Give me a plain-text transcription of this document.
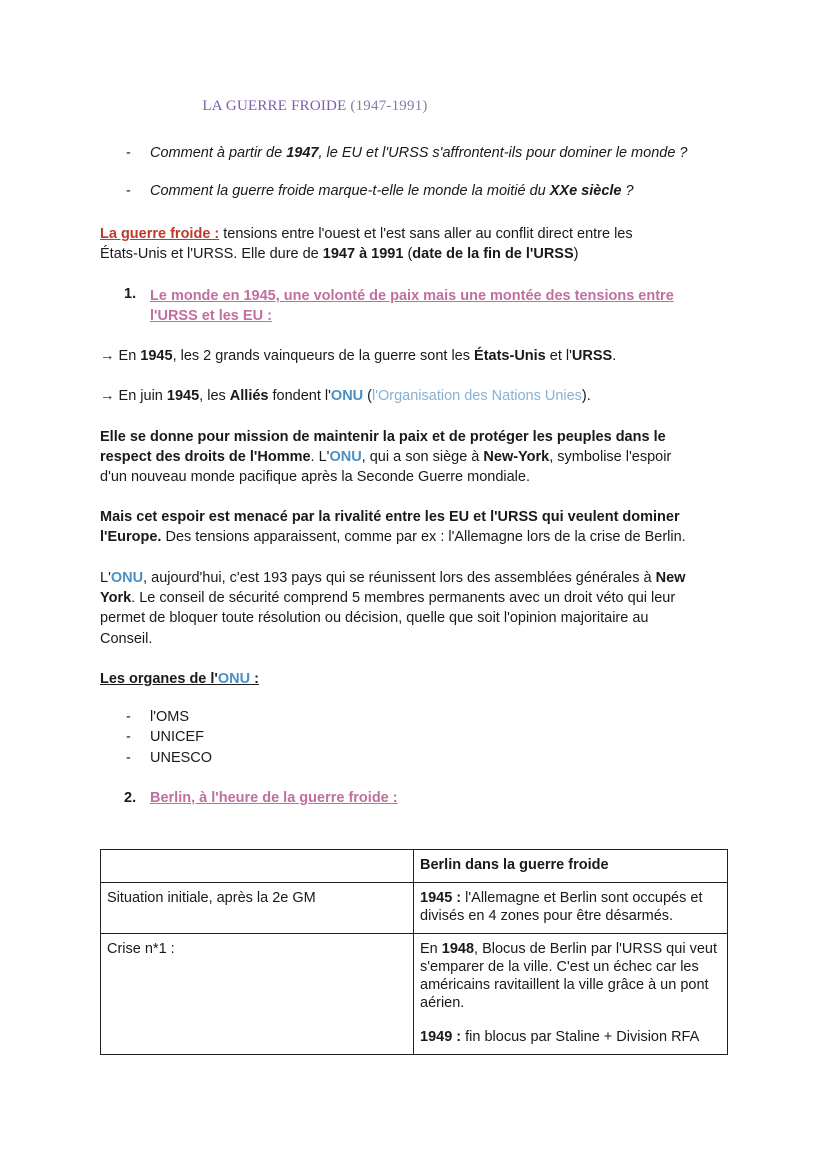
LA GUERRE FROIDE (1947-1991)
- Comment à partir de 1947, le EU et l'URSS s'affrontent-ils pour dominer le monde ?
- Comment la guerre froide marque-t-elle le monde la moitié du XXe siècle ?
La guerre froide : tensions entre l'ouest et l'est sans aller au conflit direct entre les
États-Unis et l'URSS. Elle dure de 1947 à 1991 (date de la fin de l'URSS)
1. Le monde en 1945, une volonté de paix mais une montée des tensions entre
l'URSS et les EU :
→ En 1945, les 2 grands vainqueurs de la guerre sont les États-Unis et l'URSS.
→ En juin 1945, les Alliés fondent l'ONU (l'Organisation des Nations Unies).
Elle se donne pour mission de maintenir la paix et de protéger les peuples dans le
respect des droits de l'Homme. L'ONU, qui a son siège à New-York, symbolise l'espoir
d'un nouveau monde pacifique après la Seconde Guerre mondiale.
Mais cet espoir est menacé par la rivalité entre les EU et l'URSS qui veulent dominer
l'Europe. Des tensions apparaissent, comme par ex : l'Allemagne lors de la crise de Berlin.
L'ONU, aujourd'hui, c'est 193 pays qui se réunissent lors des assemblées générales à New
York. Le conseil de sécurité comprend 5 membres permanents avec un droit véto qui leur
permet de bloquer toute résolution ou décision, quelle que soit l'opinion majoritaire au
Conseil.
Les organes de l'ONU :
- l'OMS
- UNICEF
- UNESCO
2. Berlin, à l'heure de la guerre froide :
	Berlin dans la guerre froide
Situation initiale, après la 2e GM	1945 : l'Allemagne et Berlin sont occupés et divisés en 4 zones pour être désarmés.
Crise n*1 :	En 1948, Blocus de Berlin par l'URSS qui veut s'emparer de la ville. C'est un échec car les américains ravitaillent la ville grâce à un pont aérien.
1949 : fin blocus par Staline + Division RFA
